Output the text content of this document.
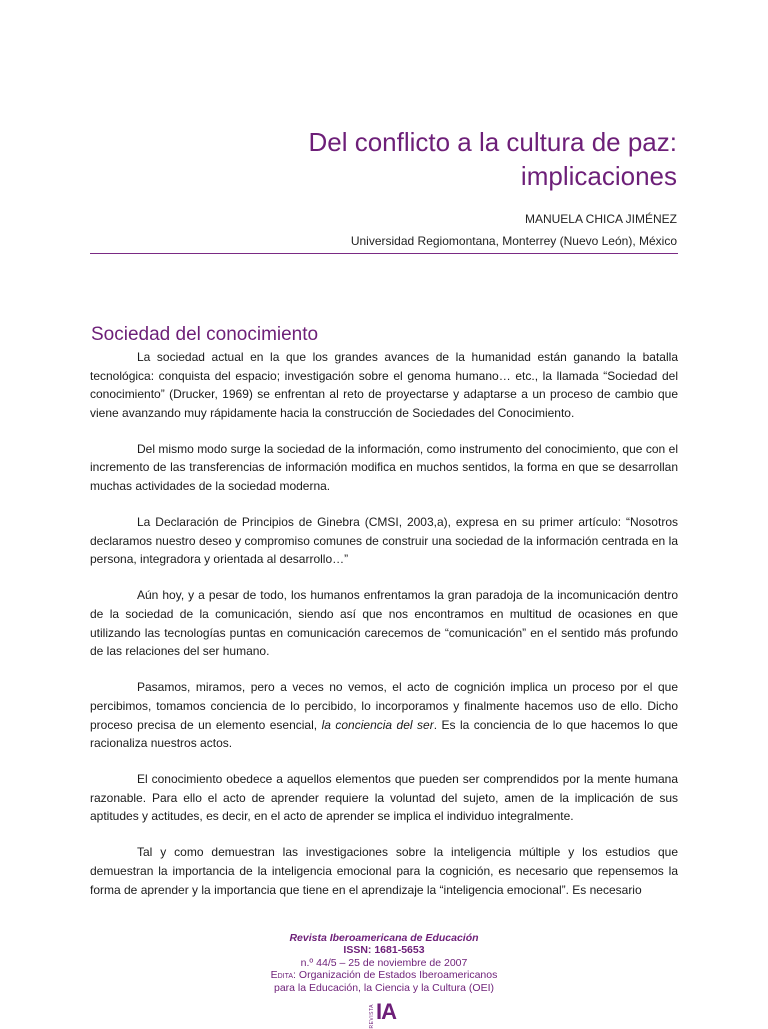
Del conflicto a la cultura de paz:
implicaciones
MANUELA CHICA JIMÉNEZ
Universidad Regiomontana, Monterrey (Nuevo León), México
Sociedad del conocimiento

La sociedad actual en la que los grandes avances de la humanidad están ganando la batalla tecnológica: conquista del espacio; investigación sobre el genoma humano… etc., la llamada “Sociedad del conocimiento” (Drucker, 1969) se enfrentan al reto de proyectarse y adaptarse a un proceso de cambio que viene avanzando muy rápidamente hacia la construcción de Sociedades del Conocimiento.

Del mismo modo surge la sociedad de la información, como instrumento del conocimiento, que con el incremento de las transferencias de información modifica en muchos sentidos, la forma en que se desarrollan muchas actividades de la sociedad moderna.

La Declaración de Principios de Ginebra (CMSI, 2003,a), expresa en su primer artículo: “Nosotros declaramos nuestro deseo y compromiso comunes de construir una sociedad de la información centrada en la persona, integradora y orientada al desarrollo…”

Aún hoy, y a pesar de todo, los humanos enfrentamos la gran paradoja de la incomunicación dentro de la sociedad de la comunicación, siendo así que nos encontramos en multitud de ocasiones en que utilizando las tecnologías puntas en comunicación carecemos de “comunicación” en el sentido más profundo de las relaciones del ser humano.

Pasamos, miramos, pero a veces no vemos, el acto de cognición implica un proceso por el que percibimos, tomamos conciencia de lo percibido, lo incorporamos y finalmente hacemos uso de ello. Dicho proceso precisa de un elemento esencial, la conciencia del ser. Es la conciencia de lo que hacemos lo que racionaliza nuestros actos.

El conocimiento obedece a aquellos elementos que pueden ser comprendidos por la mente humana razonable. Para ello el acto de aprender requiere la voluntad del sujeto, amen de la implicación de sus aptitudes y actitudes, es decir, en el acto de aprender se implica el individuo integralmente.

Tal y como demuestran las investigaciones sobre la inteligencia múltiple y los estudios que demuestran la importancia de la inteligencia emocional para la cognición, es necesario que repensemos la forma de aprender y la importancia que tiene en el aprendizaje la “inteligencia emocional”. Es necesario

Revista Iberoamericana de Educación
ISSN: 1681-5653
n.º 44/5 – 25 de noviembre de 2007
Edita: Organización de Estados Iberoamericanos
para la Educación, la Ciencia y la Cultura (OEI)
REVISTA IA
